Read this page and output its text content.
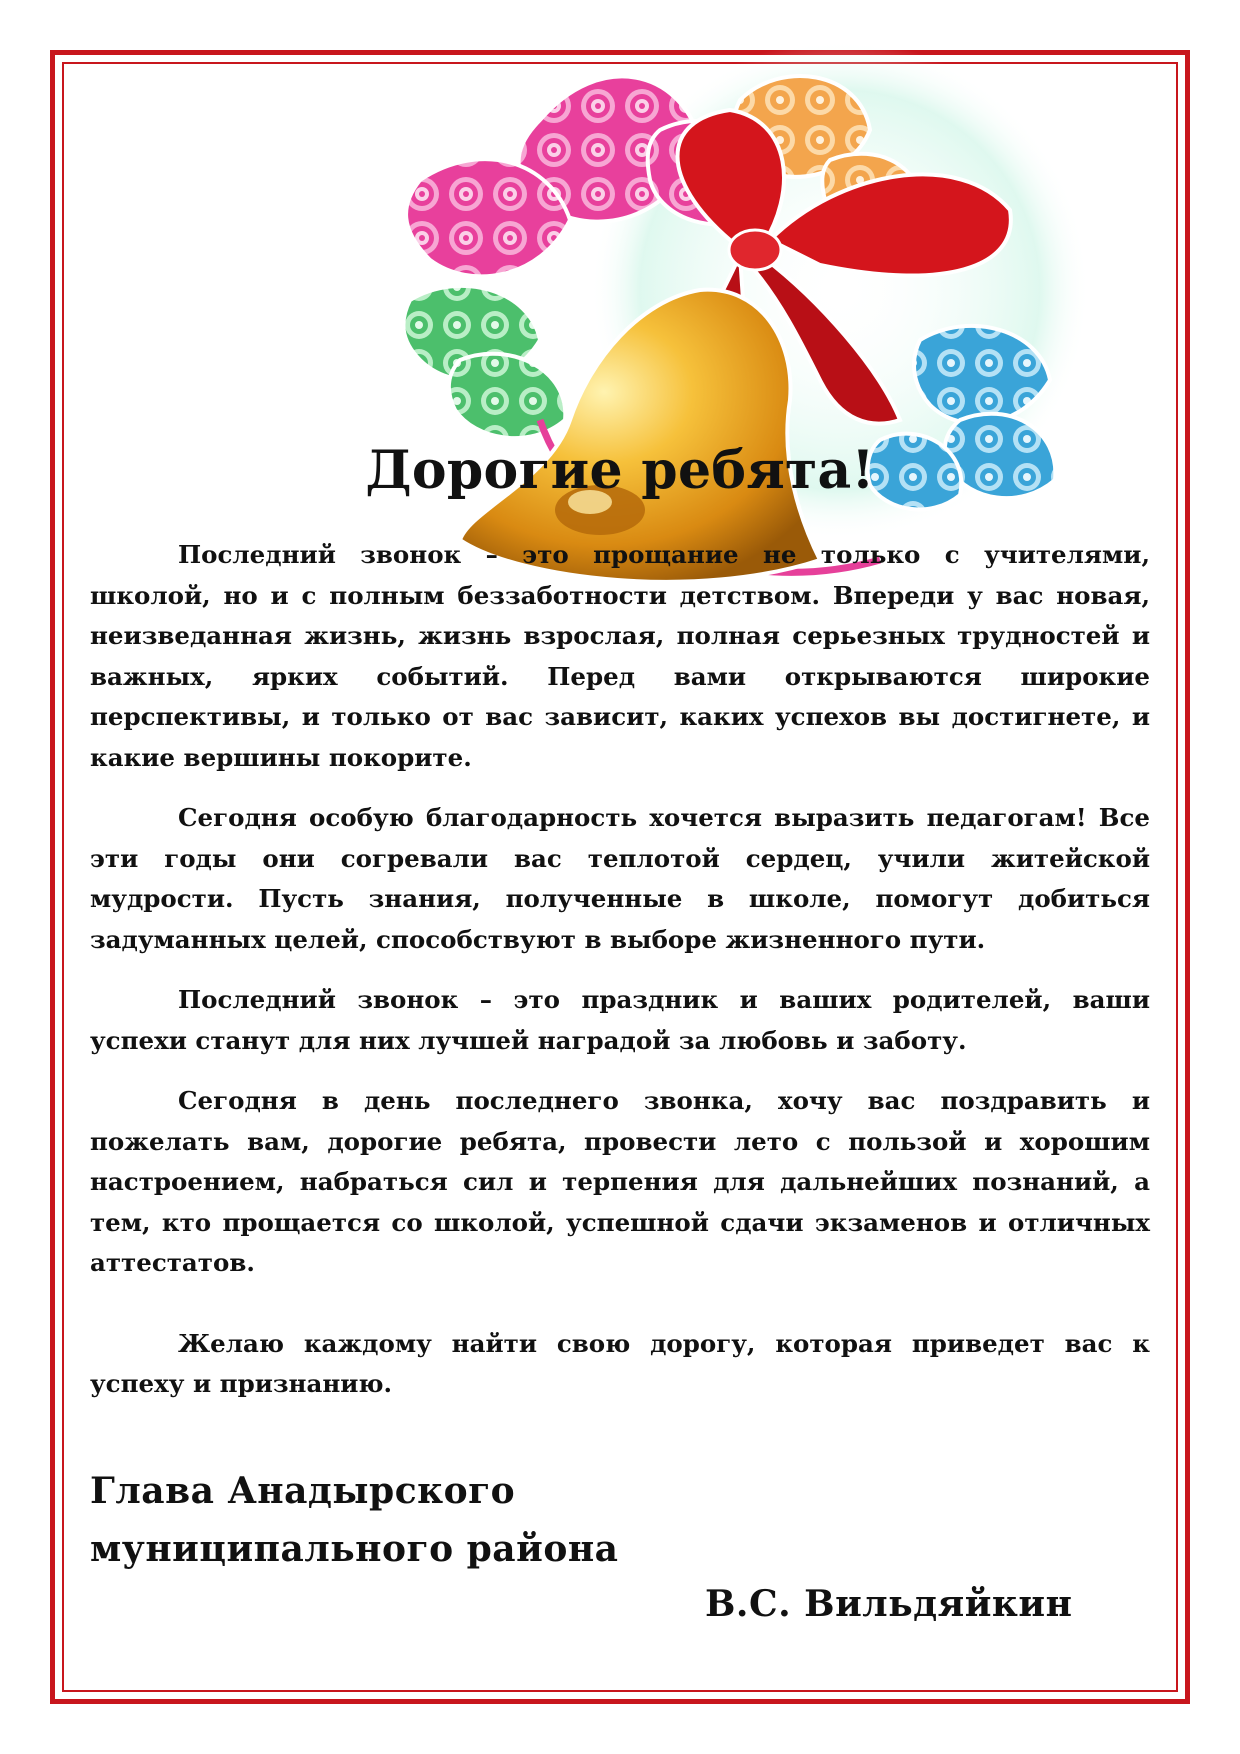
Дорогие ребята!

Последний звонок – это прощание не только с учителями, школой, но и с полным беззаботности детством. Впереди у вас новая, неизведанная жизнь, жизнь взрослая, полная серьезных трудностей и важных, ярких событий. Перед вами открываются широкие перспективы, и только от вас зависит, каких успехов вы достигнете, и какие вершины покорите.

Сегодня особую благодарность хочется выразить педагогам! Все эти годы они согревали вас теплотой сердец, учили житейской мудрости. Пусть знания, полученные в школе, помогут добиться задуманных целей, способствуют в выборе жизненного пути.

Последний звонок – это праздник и ваших родителей, ваши успехи станут для них лучшей наградой за любовь и заботу.

Сегодня в день последнего звонка, хочу вас поздравить и пожелать вам, дорогие ребята, провести лето с пользой и хорошим настроением, набраться сил и терпения для дальнейших познаний, а тем, кто прощается со школой, успешной сдачи экзаменов и отличных аттестатов.

Желаю каждому найти свою дорогу, которая приведет вас к успеху и признанию.

Глава Анадырского
муниципального района
В.С. Вильдяйкин
